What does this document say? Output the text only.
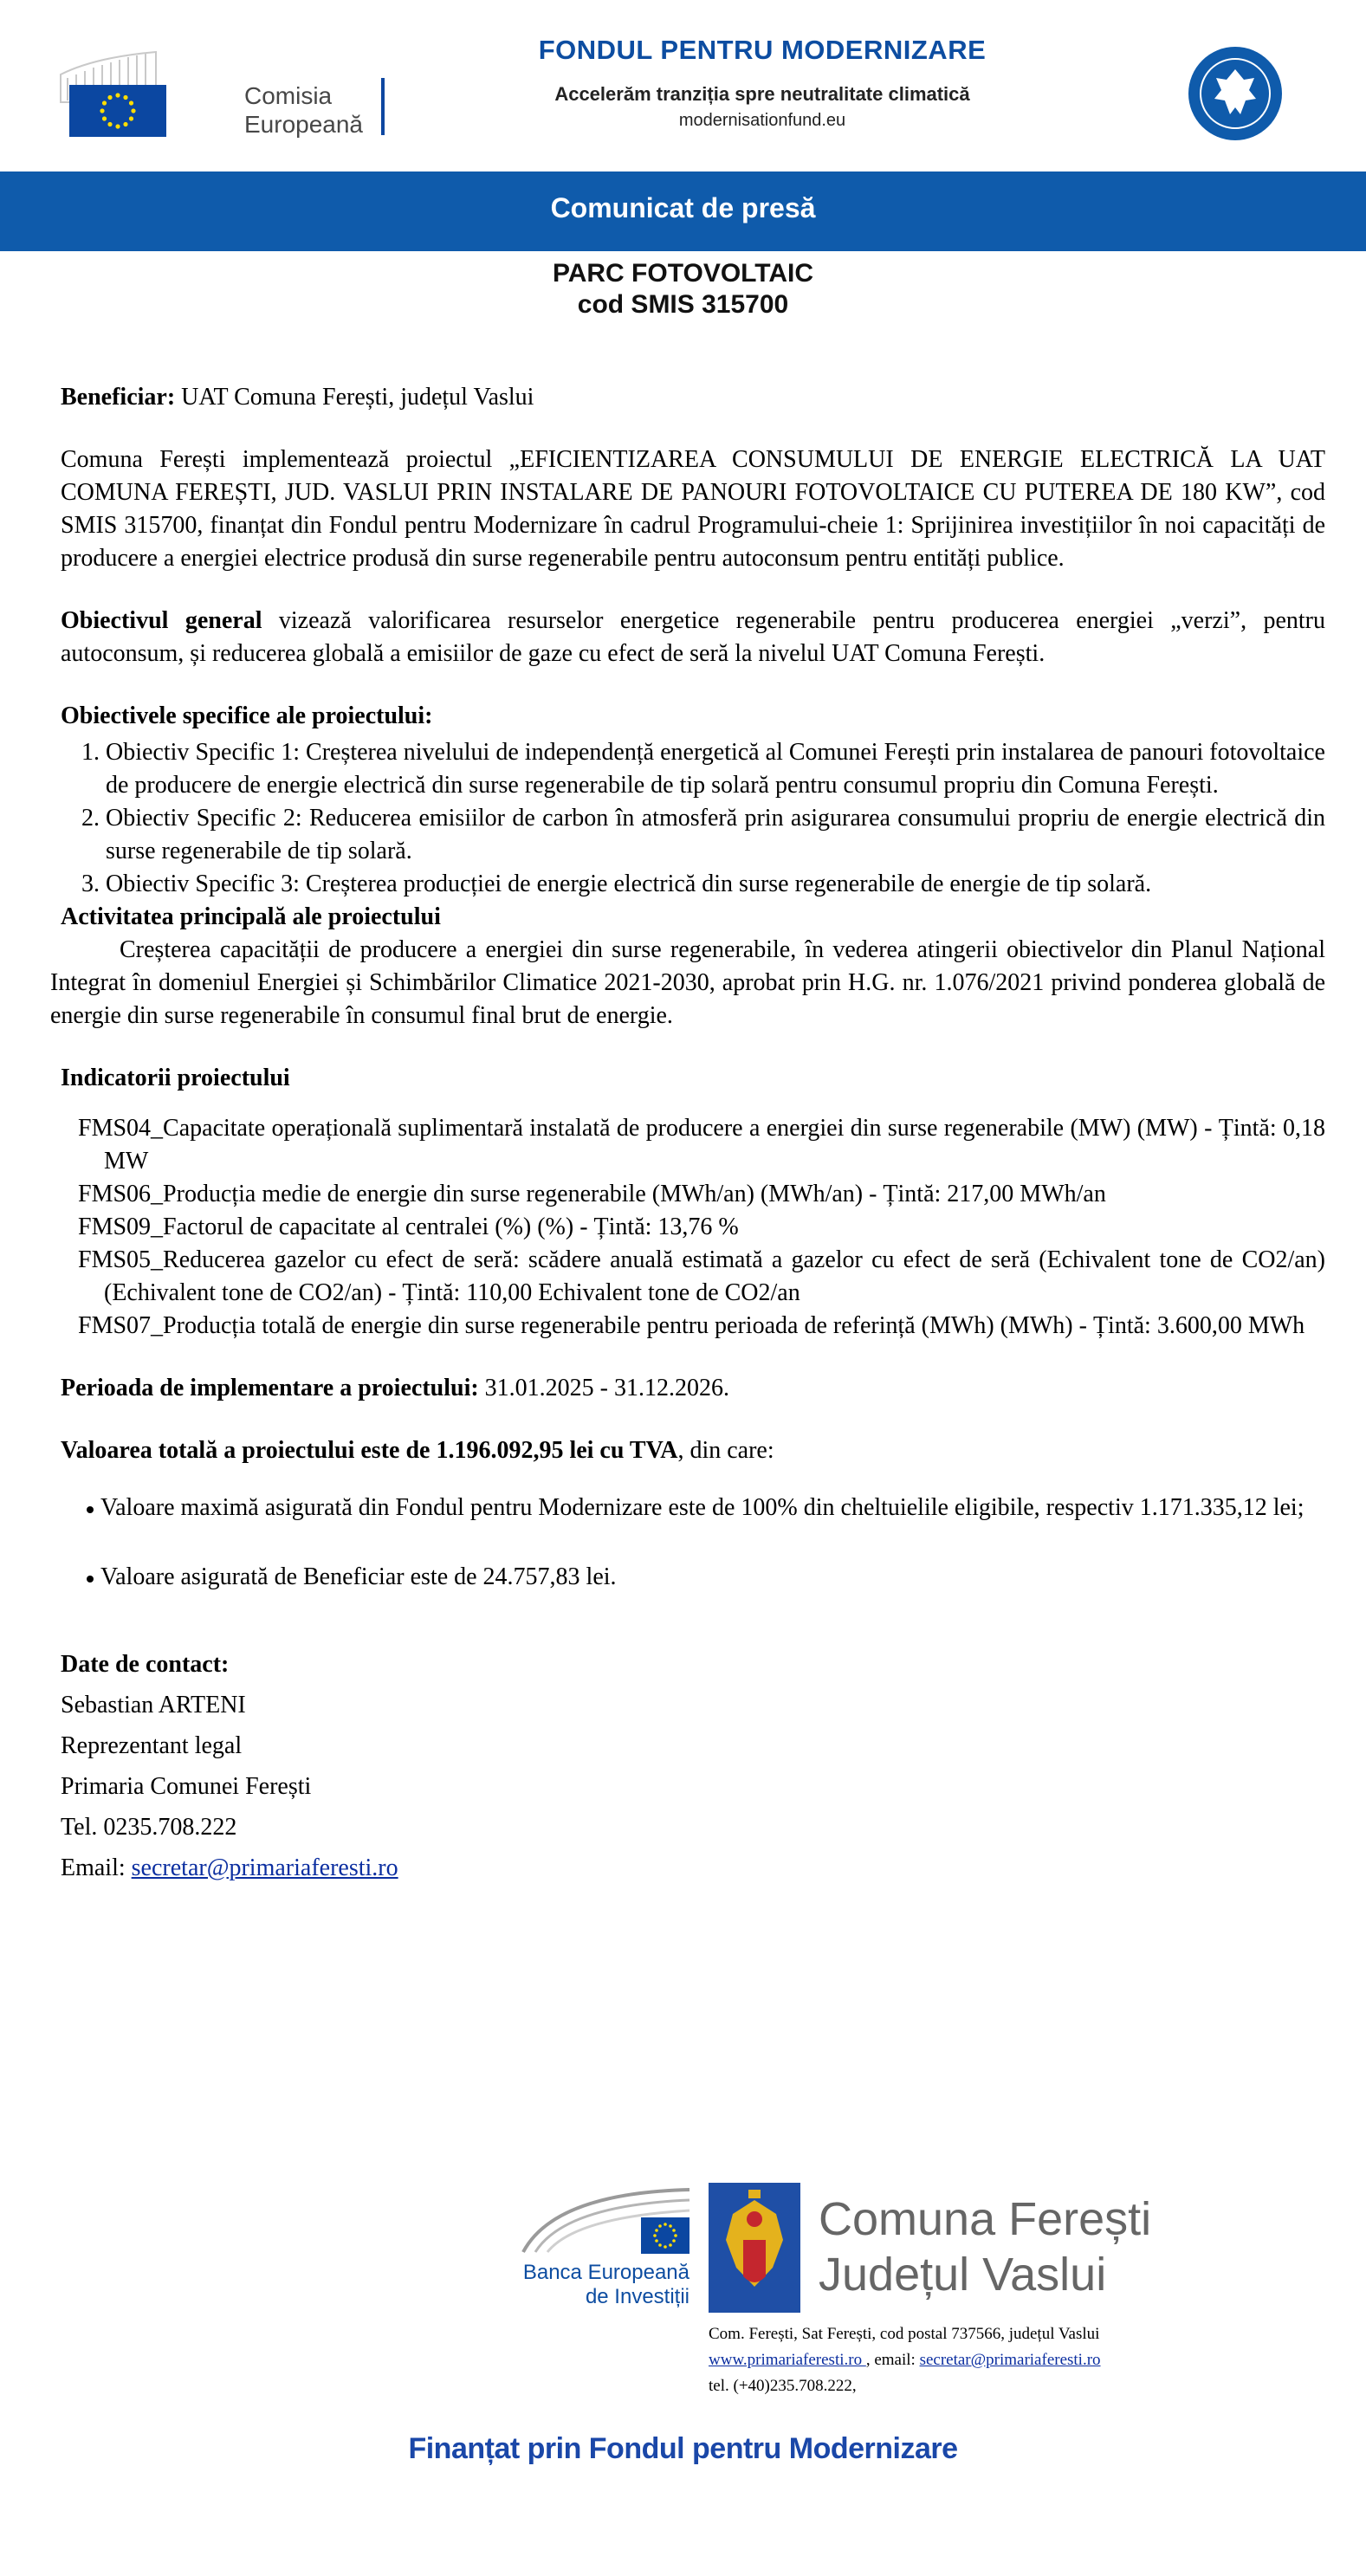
Comisia
Europeană
FONDUL PENTRU MODERNIZARE
Accelerăm tranziția spre neutralitate climatică
modernisationfund.eu
Comunicat de presă
PARC FOTOVOLTAIC
cod SMIS 315700

Beneficiar: UAT Comuna Ferești, județul Vaslui

Comuna Ferești implementează proiectul „EFICIENTIZAREA CONSUMULUI DE ENERGIE ELECTRICĂ LA UAT COMUNA FEREȘTI, JUD. VASLUI PRIN INSTALARE DE PANOURI FOTOVOLTAICE CU PUTEREA DE 180 KW”, cod SMIS 315700, finanțat din Fondul pentru Modernizare în cadrul Programului-cheie 1: Sprijinirea investițiilor în noi capacități de producere a energiei electrice produsă din surse regenerabile pentru autoconsum pentru entități publice.

Obiectivul general vizează valorificarea resurselor energetice regenerabile pentru producerea energiei „verzi”, pentru autoconsum, și reducerea globală a emisiilor de gaze cu efect de seră la nivelul UAT Comuna Ferești.

Obiectivele specifice ale proiectului:

1. Obiectiv Specific 1: Creșterea nivelului de independență energetică al Comunei Ferești prin instalarea de panouri fotovoltaice de producere de energie electrică din surse regenerabile de tip solară pentru consumul propriu din Comuna Ferești.
2. Obiectiv Specific 2: Reducerea emisiilor de carbon în atmosferă prin asigurarea consumului propriu de energie electrică din surse regenerabile de tip solară.
3. Obiectiv Specific 3: Creșterea producției de energie electrică din surse regenerabile de energie de tip solară.

Activitatea principală ale proiectului

Creșterea capacității de producere a energiei din surse regenerabile, în vederea atingerii obiectivelor din Planul Național Integrat în domeniul Energiei și Schimbărilor Climatice 2021-2030, aprobat prin H.G. nr. 1.076/2021 privind ponderea globală de energie din surse regenerabile în consumul final brut de energie.

Indicatorii proiectului

FMS04_Capacitate operațională suplimentară instalată de producere a energiei din surse regenerabile (MW) (MW) - Țintă: 0,18 MW

FMS06_Producția medie de energie din surse regenerabile (MWh/an) (MWh/an) - Țintă: 217,00 MWh/an

FMS09_Factorul de capacitate al centralei (%) (%) - Țintă: 13,76 %

FMS05_Reducerea gazelor cu efect de seră: scădere anuală estimată a gazelor cu efect de seră (Echivalent tone de CO2/an) (Echivalent tone de CO2/an) - Țintă: 110,00 Echivalent tone de CO2/an

FMS07_Producția totală de energie din surse regenerabile pentru perioada de referință (MWh) (MWh) - Țintă: 3.600,00 MWh

Perioada de implementare a proiectului: 31.01.2025 - 31.12.2026.

Valoarea totală a proiectului este de 1.196.092,95 lei cu TVA, din care:

Valoare maximă asigurată din Fondul pentru Modernizare este de 100% din cheltuielile eligibile, respectiv 1.171.335,12 lei;
Valoare asigurată de Beneficiar este de 24.757,83 lei.

Date de contact:

Sebastian ARTENI

Reprezentant legal

Primaria Comunei Ferești

Tel. 0235.708.222

Email: secretar@primariaferesti.ro

Banca Europeană
de Investiții
Comuna Ferești
Județul Vaslui
Com. Ferești, Sat Ferești, cod postal 737566, județul Vaslui
www.primariaferesti.ro , email: secretar@primariaferesti.ro
tel. (+40)235.708.222,
Finanțat prin Fondul pentru Modernizare
